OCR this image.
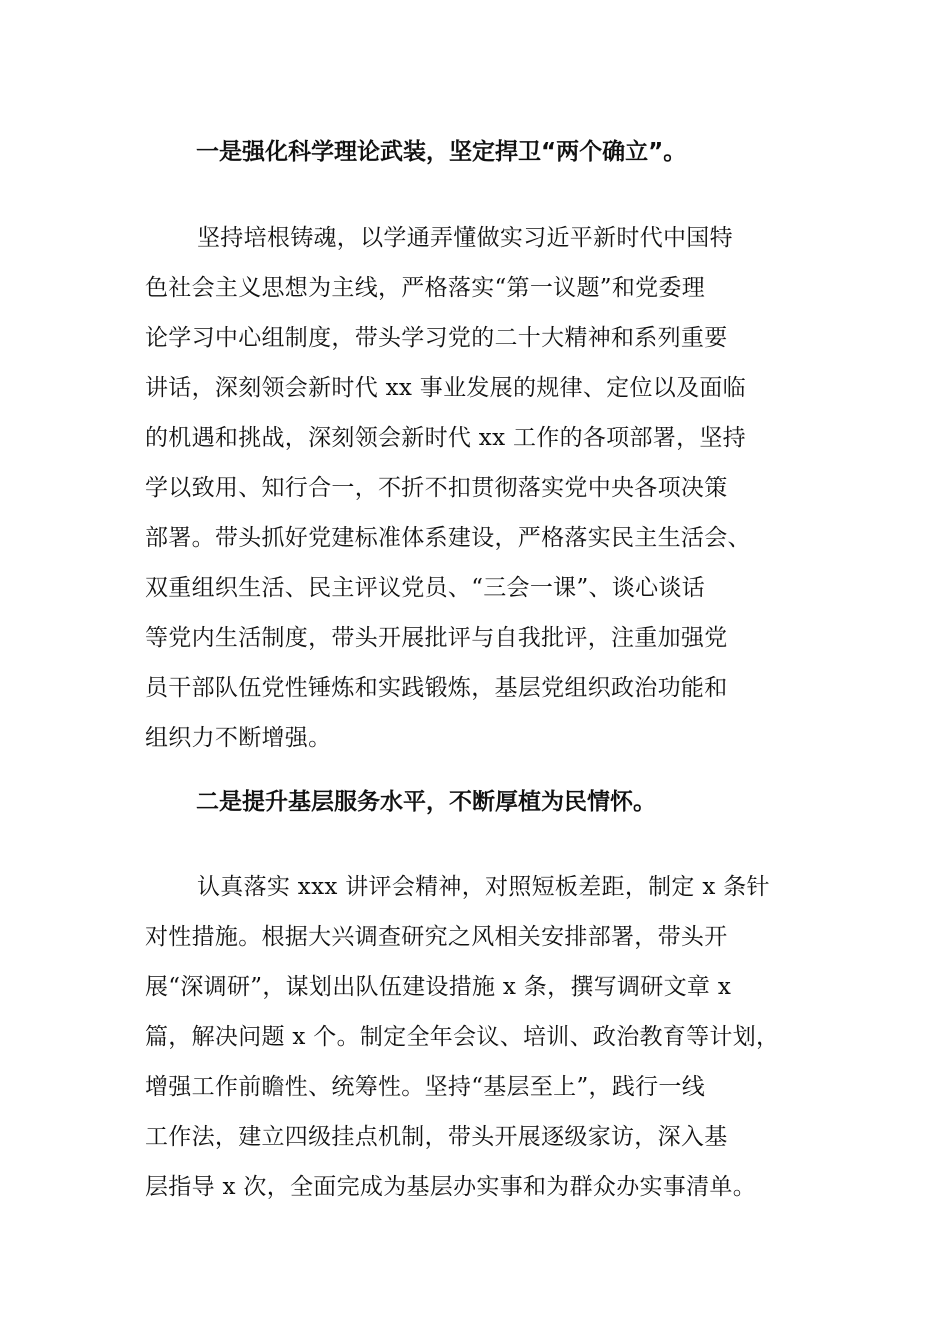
一是强化科学理论武装，坚定捍卫“两个确立”。
坚持培根铸魂，以学通弄懂做实习近平新时代中国特
色社会主义思想为主线，严格落实“第一议题”和党委理
论学习中心组制度，带头学习党的二十大精神和系列重要
讲话，深刻领会新时代 xx 事业发展的规律、定位以及面临
的机遇和挑战，深刻领会新时代 xx 工作的各项部署，坚持
学以致用、知行合一，不折不扣贯彻落实党中央各项决策
部署。带头抓好党建标准体系建设，严格落实民主生活会、
双重组织生活、民主评议党员、“三会一课”、谈心谈话
等党内生活制度，带头开展批评与自我批评，注重加强党
员干部队伍党性锤炼和实践锻炼，基层党组织政治功能和
组织力不断增强。
二是提升基层服务水平，不断厚植为民情怀。
认真落实 xxx 讲评会精神，对照短板差距，制定 x 条针
对性措施。根据大兴调查研究之风相关安排部署，带头开
展“深调研”，谋划出队伍建设措施 x 条，撰写调研文章 x
篇，解决问题 x 个。制定全年会议、培训、政治教育等计划，
增强工作前瞻性、统筹性。坚持“基层至上”，践行一线
工作法，建立四级挂点机制，带头开展逐级家访，深入基
层指导 x 次，全面完成为基层办实事和为群众办实事清单。
